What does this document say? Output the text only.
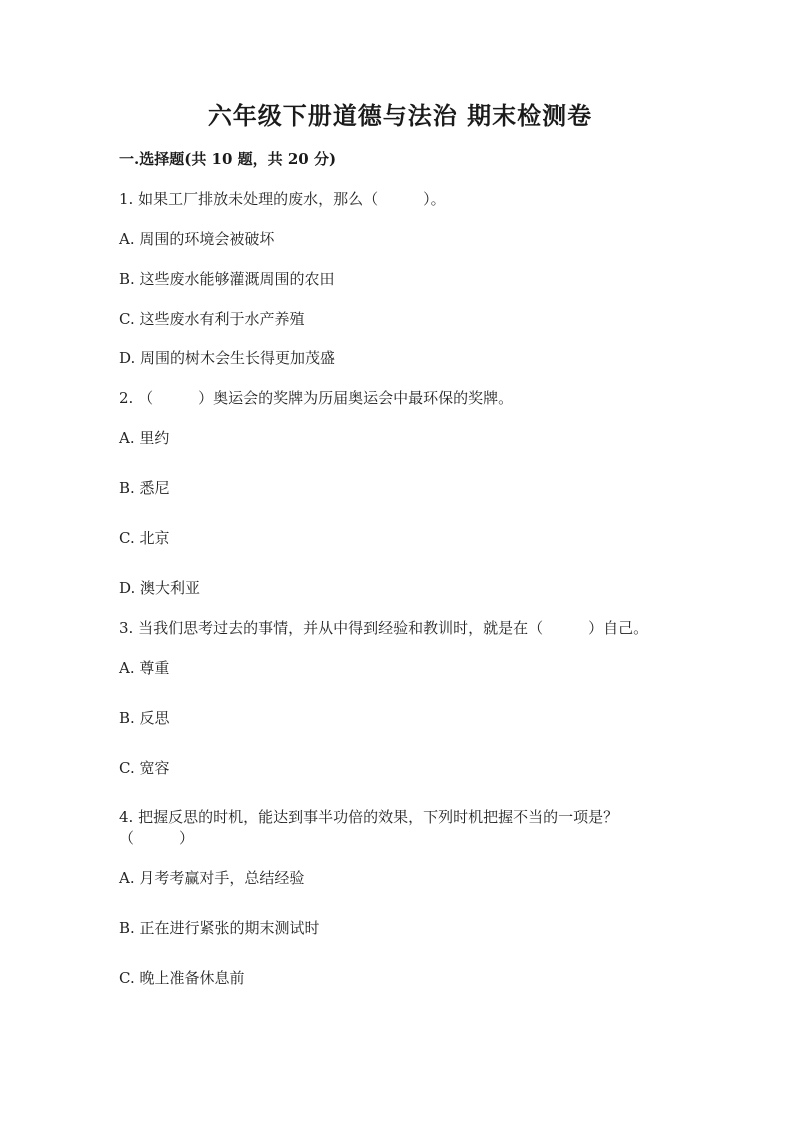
六年级下册道德与法治 期末检测卷
一.选择题(共 10 题，共 20 分)
1. 如果工厂排放未处理的废水，那么（　　　）。
A. 周围的环境会被破坏
B. 这些废水能够灌溉周围的农田
C. 这些废水有利于水产养殖
D. 周围的树木会生长得更加茂盛
2. （　　　）奥运会的奖牌为历届奥运会中最环保的奖牌。
A. 里约
B. 悉尼
C. 北京
D. 澳大利亚
3. 当我们思考过去的事情，并从中得到经验和教训时，就是在（　　　）自己。
A. 尊重
B. 反思
C. 宽容
4. 把握反思的时机，能达到事半功倍的效果，下列时机把握不当的一项是？
（　　　）
A. 月考考赢对手，总结经验
B. 正在进行紧张的期末测试时
C. 晚上准备休息前
